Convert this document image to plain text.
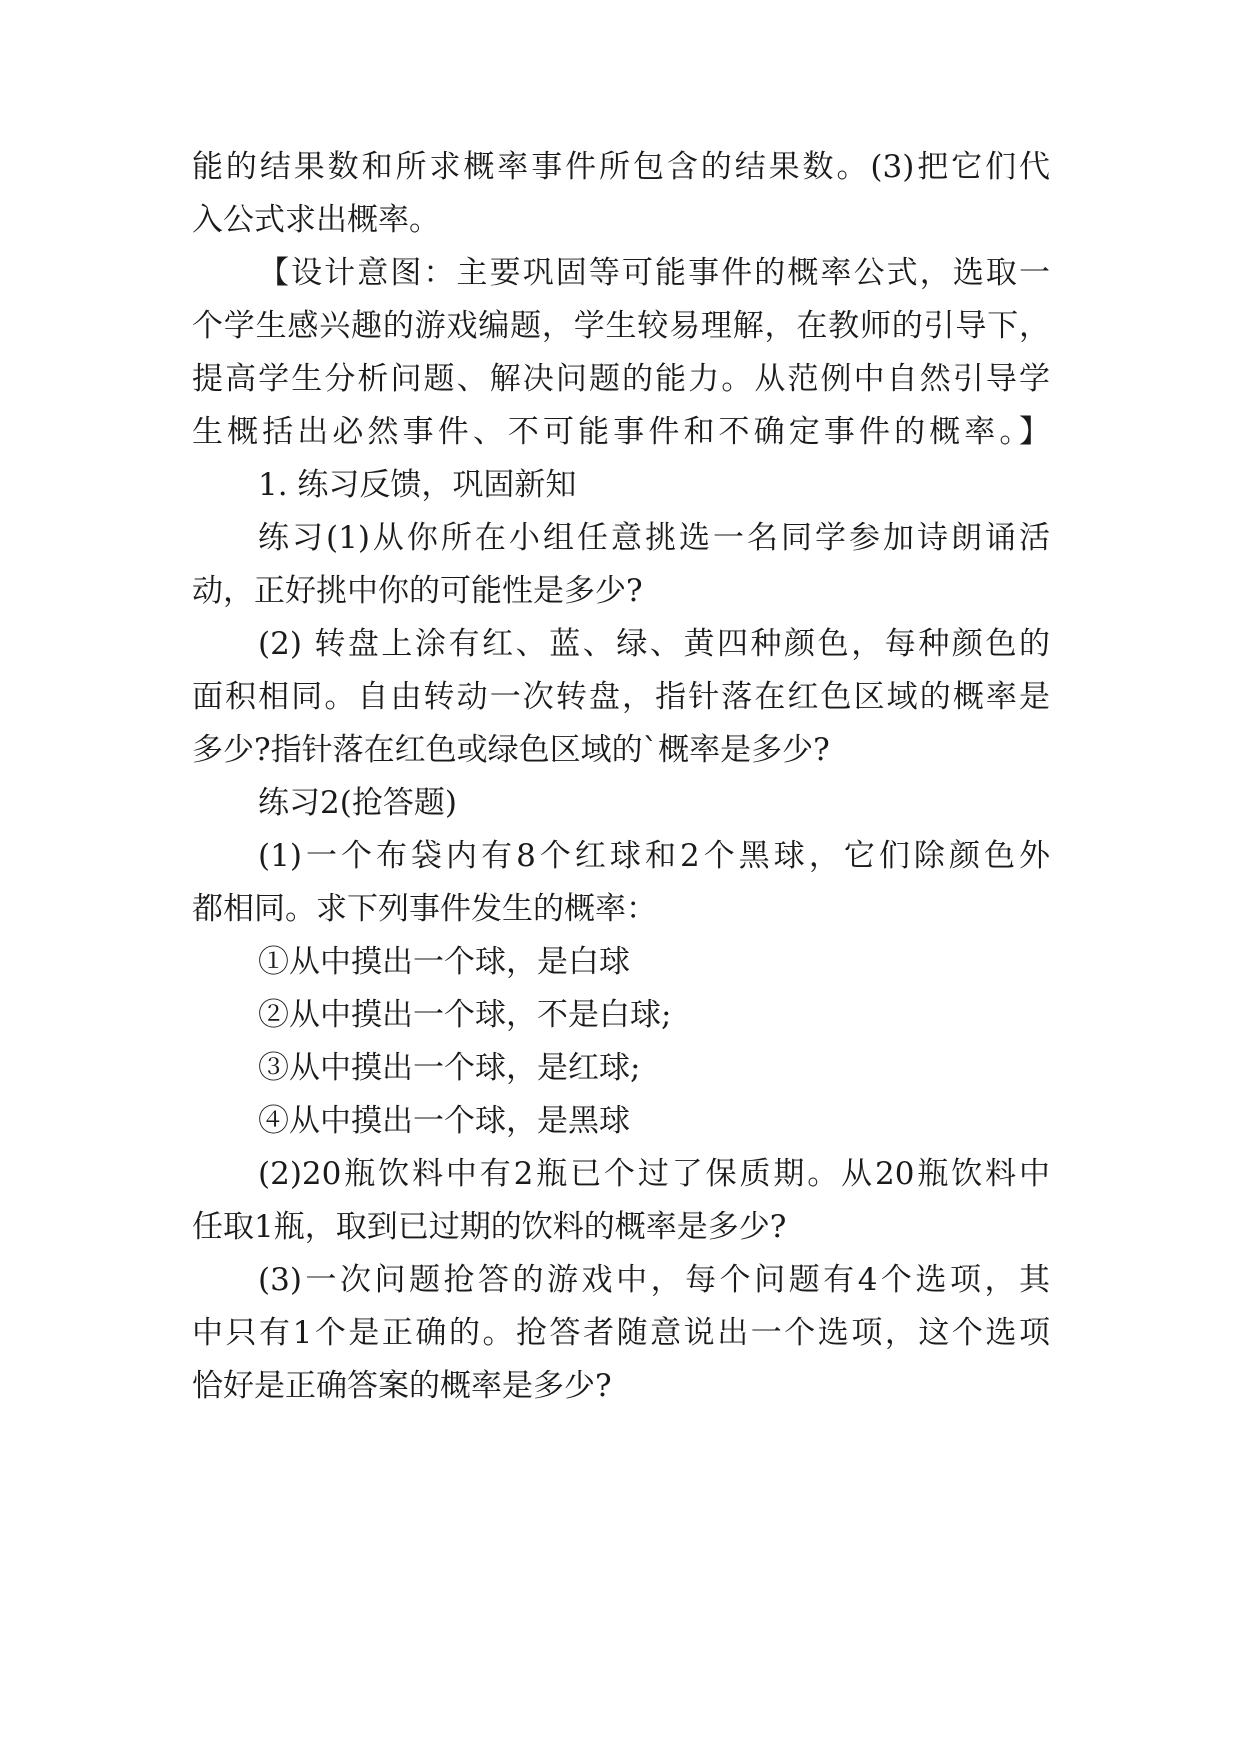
能的结果数和所求概率事件所包含的结果数。(3)把它们代

入公式求出概率。

【设计意图：主要巩固等可能事件的概率公式，选取一

个学生感兴趣的游戏编题，学生较易理解，在教师的引导下，

提高学生分析问题、解决问题的能力。从范例中自然引导学

生概括出必然事件、不可能事件和不确定事件的概率。】

1. 练习反馈，巩固新知

练习(1)从你所在小组任意挑选一名同学参加诗朗诵活

动，正好挑中你的可能性是多少?

(2) 转盘上涂有红、蓝、绿、黄四种颜色，每种颜色的

面积相同。自由转动一次转盘，指针落在红色区域的概率是

多少?指针落在红色或绿色区域的`概率是多少?

练习2(抢答题)

(1)一个布袋内有8个红球和2个黑球，它们除颜色外

都相同。求下列事件发生的概率：

①从中摸出一个球，是白球

②从中摸出一个球，不是白球;

③从中摸出一个球，是红球;

④从中摸出一个球，是黑球

(2)20瓶饮料中有2瓶已个过了保质期。从20瓶饮料中

任取1瓶，取到已过期的饮料的概率是多少?

(3)一次问题抢答的游戏中，每个问题有4个选项，其

中只有1个是正确的。抢答者随意说出一个选项，这个选项

恰好是正确答案的概率是多少?
